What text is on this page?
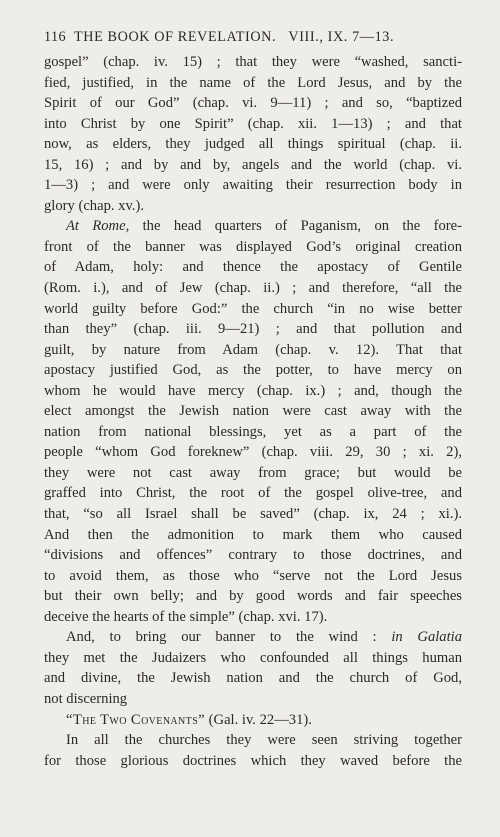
116 THE BOOK OF REVELATION. VIII., IX. 7—13.
gospel” (chap. iv. 15) ; that they were “washed, sancti-
fied, justified, in the name of the Lord Jesus, and by the
Spirit of our God” (chap. vi. 9—11) ; and so, “baptized
into Christ by one Spirit” (chap. xii. 1—13) ; and that
now, as elders, they judged all things spiritual (chap. ii.
15, 16) ; and by and by, angels and the world (chap. vi.
1—3) ; and were only awaiting their resurrection body in
glory (chap. xv.).
At Rome, the head quarters of Paganism, on the fore-
front of the banner was displayed God’s original creation
of Adam, holy: and thence the apostacy of Gentile
(Rom. i.), and of Jew (chap. ii.) ; and therefore, “all the
world guilty before God:” the church “in no wise better
than they” (chap. iii. 9—21) ; and that pollution and
guilt, by nature from Adam (chap. v. 12). That that
apostacy justified God, as the potter, to have mercy on
whom he would have mercy (chap. ix.) ; and, though the
elect amongst the Jewish nation were cast away with the
nation from national blessings, yet as a part of the
people “whom God foreknew” (chap. viii. 29, 30 ; xi. 2),
they were not cast away from grace; but would be
graffed into Christ, the root of the gospel olive-tree, and
that, “so all Israel shall be saved” (chap. ix, 24 ; xi.).
And then the admonition to mark them who caused
“divisions and offences” contrary to those doctrines, and
to avoid them, as those who “serve not the Lord Jesus
but their own belly; and by good words and fair speeches
deceive the hearts of the simple” (chap. xvi. 17).
And, to bring our banner to the wind : in Galatia
they met the Judaizers who confounded all things human
and divine, the Jewish nation and the church of God,
not discerning
“The Two Covenants” (Gal. iv. 22—31).
In all the churches they were seen striving together
for those glorious doctrines which they waved before the
